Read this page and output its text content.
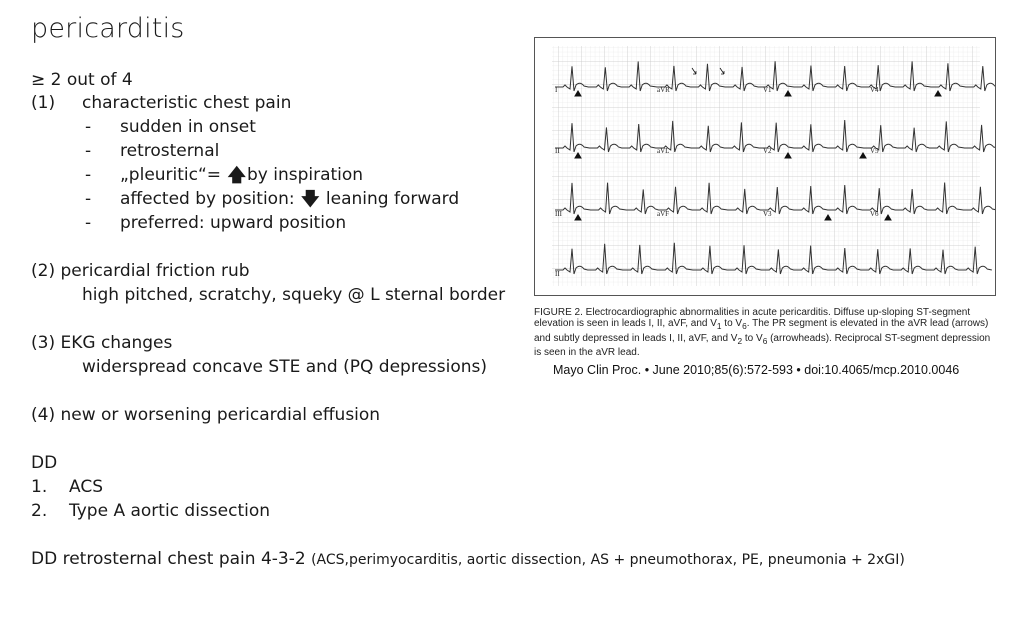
pericarditis
≥ 2 out of 4
(1) characteristic chest pain
- sudden in onset
- retrosternal
- „pleuritic“= 🡅by inspiration
- affected by position: 🡇 leaning forward
- preferred: upward position
(2) pericardial friction rub
high pitched, scratchy, squeky @ L sternal border
(3) EKG changes
widerspread concave STE and (PQ depressions)
(4) new or worsening pericardial effusion
DD
1. ACS
2. Type A aortic dissection
DD retrosternal chest pain 4-3-2 (ACS,perimyocarditis, aortic dissection, AS + pneumothorax, PE, pneumonia + 2xGI)
I	aVR	V1	V4
II	aVL	V2	V5
III	aVF	V3	V6
II
FIGURE 2. Electrocardiographic abnormalities in acute pericarditis. Diffuse up-sloping ST-segment elevation is seen in leads I, II, aVF, and $V_1$ to $V_6$. The PR segment is elevated in the aVR lead (arrows) and subtly depressed in leads I, II, aVF, and $V_2$ to $V_6$ (arrowheads). Reciprocal ST-segment depression is seen in the aVR lead.
Mayo Clin Proc. • June 2010;85(6):572-593 • doi:10.4065/mcp.2010.0046
